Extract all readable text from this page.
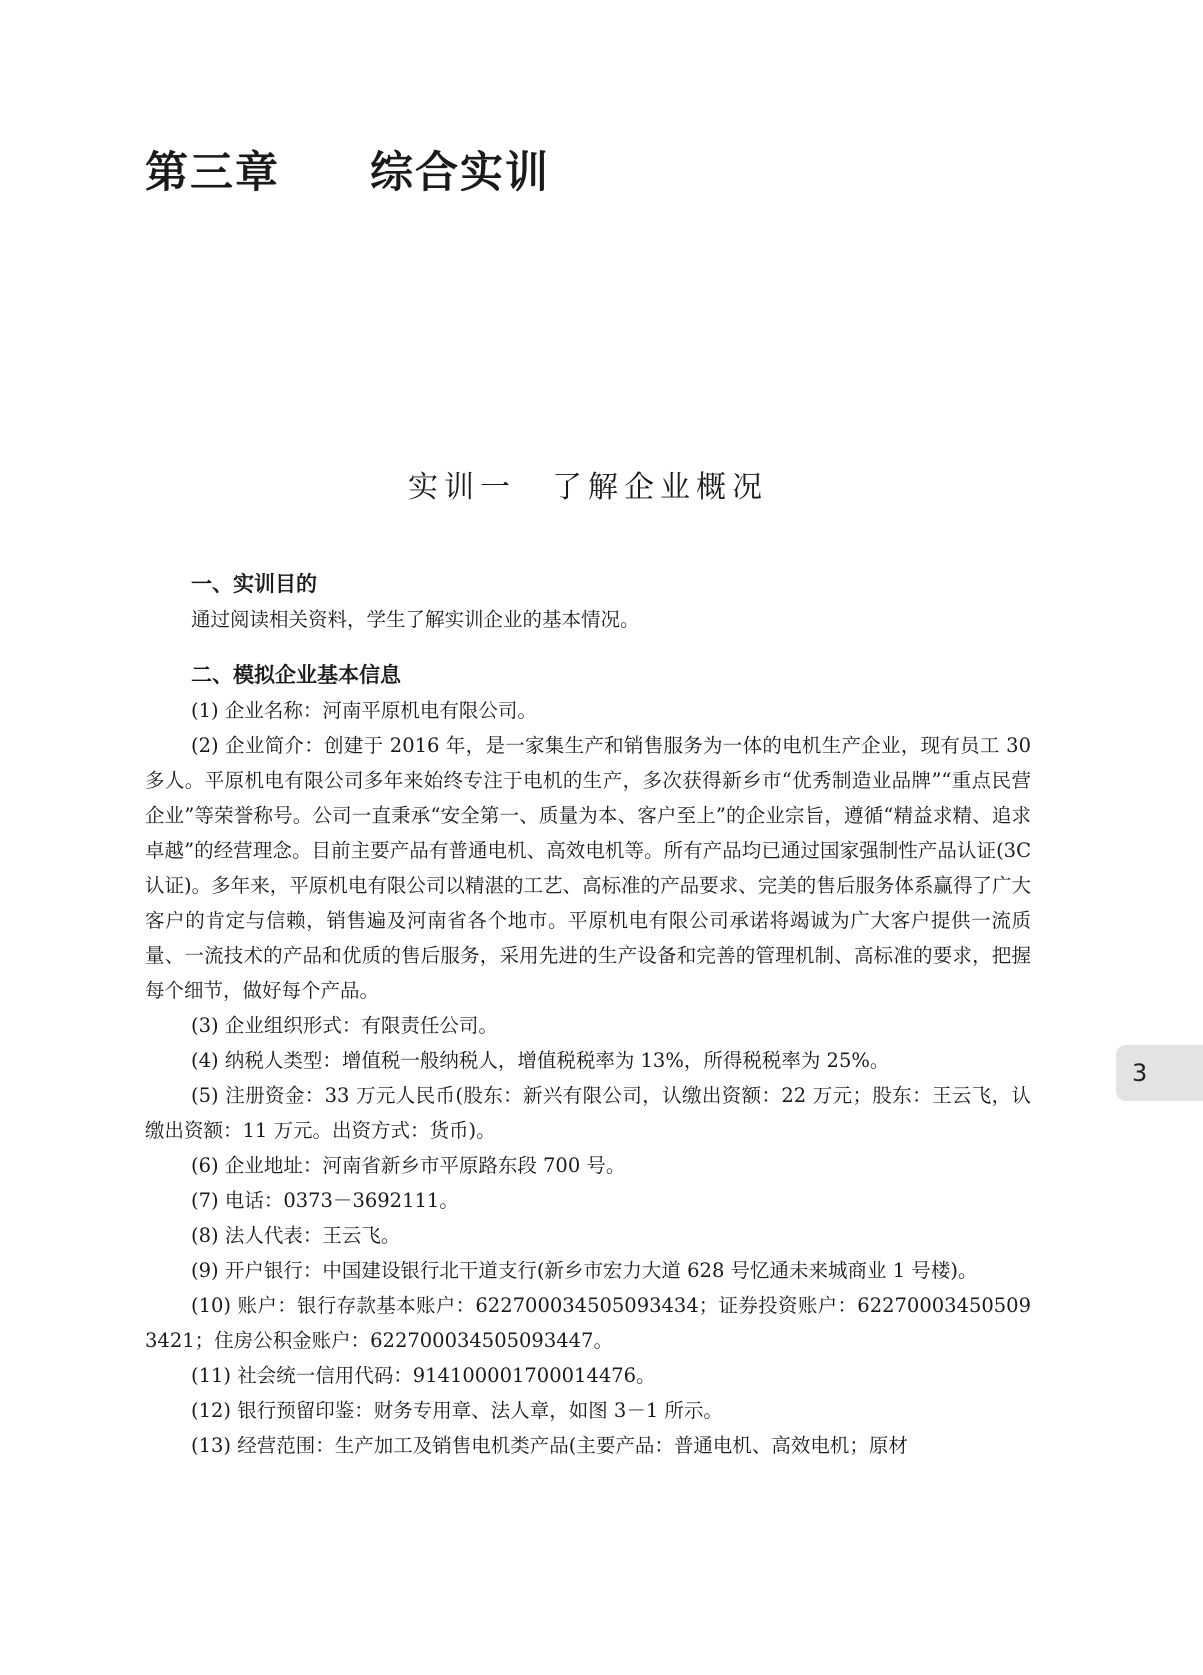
第三章　　综合实训
实训一　了解企业概况
一、实训目的

通过阅读相关资料，学生了解实训企业的基本情况。

二、模拟企业基本信息

(1) 企业名称：河南平原机电有限公司。

(2) 企业简介：创建于 2016 年，是一家集生产和销售服务为一体的电机生产企业，现有员工 30 多人。平原机电有限公司多年来始终专注于电机的生产，多次获得新乡市“优秀制造业品牌”“重点民营企业”等荣誉称号。公司一直秉承“安全第一、质量为本、客户至上”的企业宗旨，遵循“精益求精、追求卓越”的经营理念。目前主要产品有普通电机、高效电机等。所有产品均已通过国家强制性产品认证(3C 认证)。多年来，平原机电有限公司以精湛的工艺、高标准的产品要求、完美的售后服务体系赢得了广大客户的肯定与信赖，销售遍及河南省各个地市。平原机电有限公司承诺将竭诚为广大客户提供一流质量、一流技术的产品和优质的售后服务，采用先进的生产设备和完善的管理机制、高标准的要求，把握每个细节，做好每个产品。

(3) 企业组织形式：有限责任公司。

(4) 纳税人类型：增值税一般纳税人，增值税税率为 13%，所得税税率为 25%。

(5) 注册资金：33 万元人民币(股东：新兴有限公司，认缴出资额：22 万元；股东：王云飞，认缴出资额：11 万元。出资方式：货币)。

(6) 企业地址：河南省新乡市平原路东段 700 号。

(7) 电话：0373－3692111。

(8) 法人代表：王云飞。

(9) 开户银行：中国建设银行北干道支行(新乡市宏力大道 628 号忆通未来城商业 1 号楼)。

(10) 账户：银行存款基本账户：622700034505093434；证券投资账户：622700034505093421；住房公积金账户：622700034505093447。

(11) 社会统一信用代码：914100001700014476。

(12) 银行预留印鉴：财务专用章、法人章，如图 3－1 所示。

(13) 经营范围：生产加工及销售电机类产品(主要产品：普通电机、高效电机；原材

3
